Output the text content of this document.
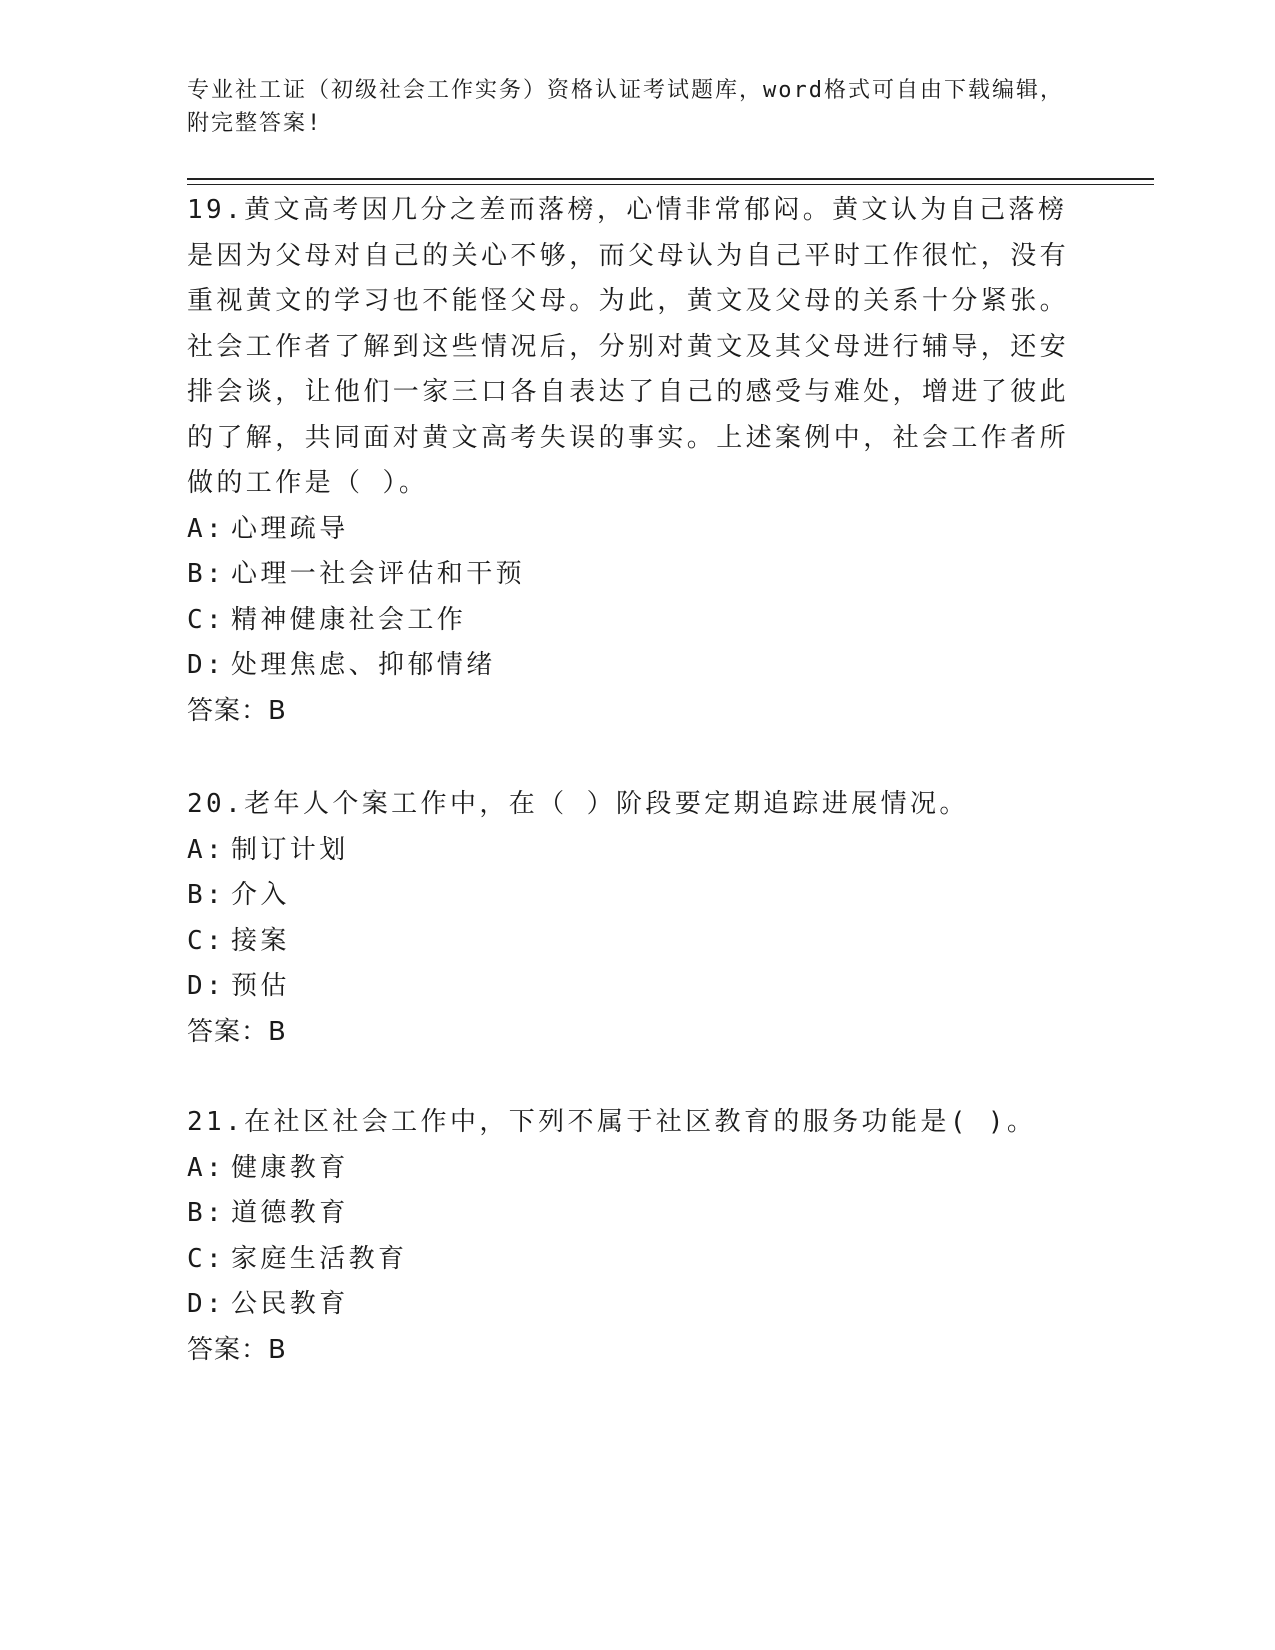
专业社工证（初级社会工作实务）资格认证考试题库，word格式可自由下载编辑，附完整答案!

19.黄文高考因几分之差而落榜，心情非常郁闷。黄文认为自己落榜是因为父母对自己的关心不够，而父母认为自己平时工作很忙，没有重视黄文的学习也不能怪父母。为此，黄文及父母的关系十分紧张。社会工作者了解到这些情况后，分别对黄文及其父母进行辅导，还安排会谈，让他们一家三口各自表达了自己的感受与难处，增进了彼此的了解，共同面对黄文高考失误的事实。上述案例中，社会工作者所做的工作是（ ）。

A: 心理疏导

B: 心理一社会评估和干预

C: 精神健康社会工作

D: 处理焦虑、抑郁情绪

答案：B

20.老年人个案工作中，在（ ）阶段要定期追踪进展情况。

A: 制订计划

B: 介入

C: 接案

D: 预估

答案：B

21.在社区社会工作中，下列不属于社区教育的服务功能是( )。

A: 健康教育

B: 道德教育

C: 家庭生活教育

D: 公民教育

答案：B
